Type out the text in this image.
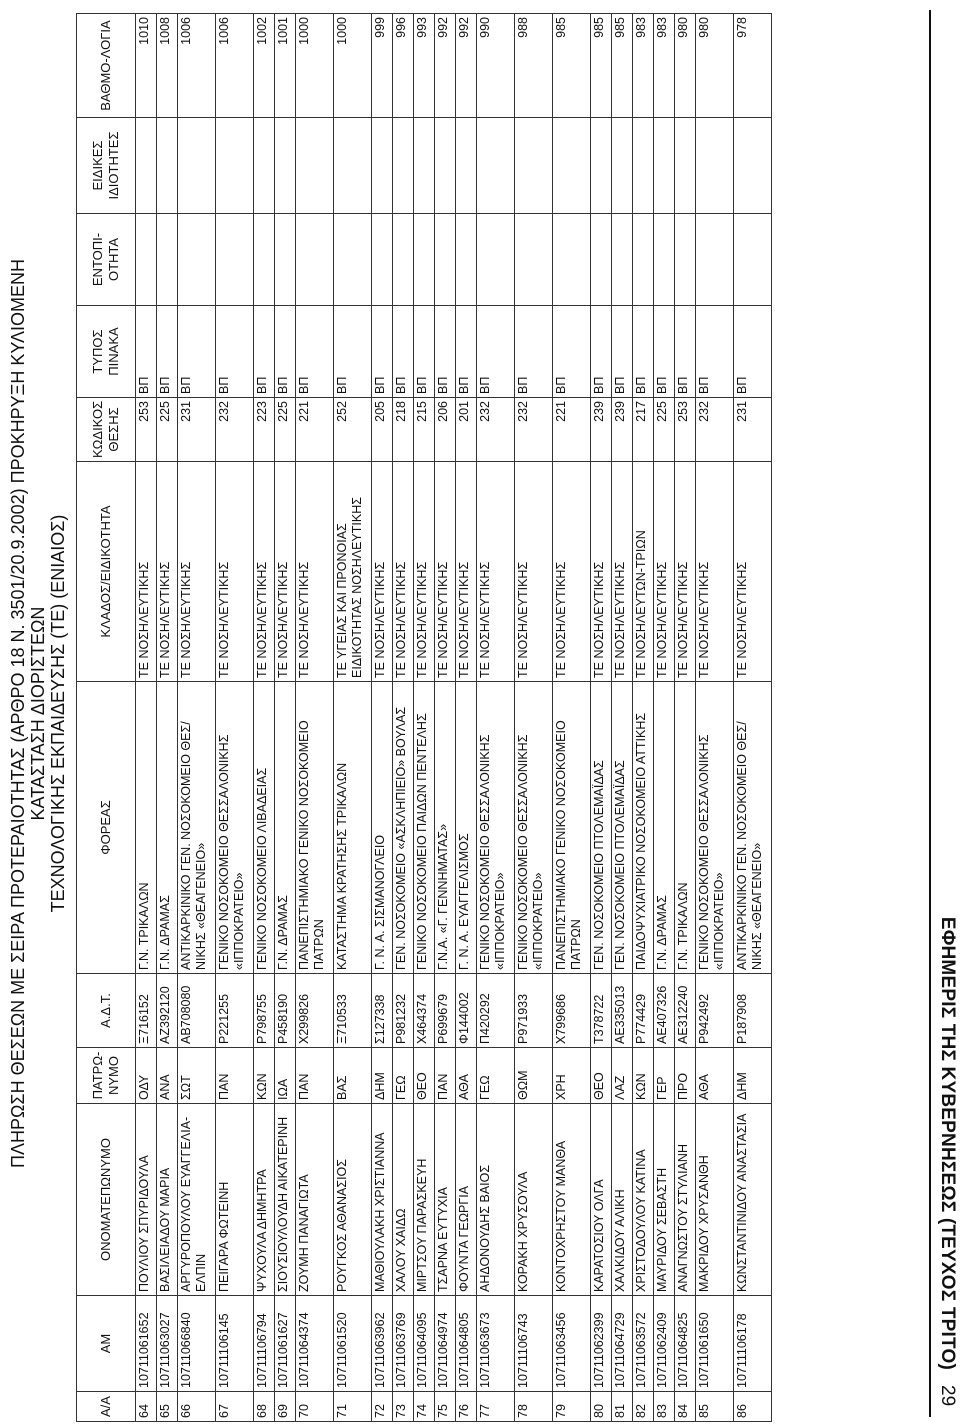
ΕΦΗΜΕΡΙΣ ΤΗΣ ΚΥΒΕΡΝΗΣΕΩΣ (ΤΕΥΧΟΣ ΤΡΙΤΟ)
29
ΠΛΗΡΩΣΗ ΘΕΣΕΩΝ ΜΕ ΣΕΙΡΑ ΠΡΟΤΕΡΑΙΟΤΗΤΑΣ (ΑΡΘΡΟ 18 Ν. 3501/20.9.2002) ΠΡΟΚΗΡΥΞΗ ΚΥΛΙΟΜΕΝΗ ΚΑΤΑΣΤΑΣΗ ΔΙΟΡΙΣΤΕΩΝ ΤΕΧΝΟΛΟΓΙΚΗΣ ΕΚΠΑΙΔΕΥΣΗΣ (ΤΕ) (ΕΝΙΑΙΟΣ)
Α/Α	ΑΜ	ΟΝΟΜΑΤΕΠΩΝΥΜΟ	ΠΑΤΡΩ-ΝΥΜΟ	Α.Δ.Τ.	ΦΟΡΕΑΣ	ΚΛΑΔΟΣ/ΕΙΔΙΚΟΤΗΤΑ	ΚΩΔΙΚΟΣ ΘΕΣΗΣ	ΤΥΠΟΣ ΠΙΝΑΚΑ	ΕΝΤΟΠΙ-ΟΤΗΤΑ	ΕΙΔΙΚΕΣ ΙΔΙΟΤΗΤΕΣ	ΒΑΘΜΟ-ΛΟΓΙΑ
64	10711061652	ΠΟΥΛΙΟΥ ΣΠΥΡΙΔΟΥΛΑ	ΟΔΥ	Ξ716152	Γ.Ν. ΤΡΙΚΑΛΩΝ	ΤΕ ΝΟΣΗΛΕΥΤΙΚΗΣ	253	ΒΠ			1010
65	10711063027	ΒΑΣΙΛΕΙΑΔΟΥ ΜΑΡΙΑ	ΑΝΑ	ΑΖ392120	Γ.Ν. ΔΡΑΜΑΣ	ΤΕ ΝΟΣΗΛΕΥΤΙΚΗΣ	225	ΒΠ			1008
66	10711066840	ΑΡΓΥΡΟΠΟΥΛΟΥ ΕΥΑΓΓΕΛΙΑ-ΕΛΠΙΝ	ΣΩΤ	ΑΒ708080	ΑΝΤΙΚΑΡΚΙΝΙΚΟ ΓΕΝ. ΝΟΣΟΚΟΜΕΙΟ ΘΕΣ/ΝΙΚΗΣ «ΘΕΑΓΕΝΕΙΟ»	ΤΕ ΝΟΣΗΛΕΥΤΙΚΗΣ	231	ΒΠ			1006
67	10711106145	ΠΕΙΓΑΡΑ ΦΩΤΕΙΝΗ	ΠΑΝ	Ρ221255	ΓΕΝΙΚΟ ΝΟΣΟΚΟΜΕΙΟ ΘΕΣΣΑΛΟΝΙΚΗΣ «ΙΠΠΟΚΡΑΤΕΙΟ»	ΤΕ ΝΟΣΗΛΕΥΤΙΚΗΣ	232	ΒΠ			1006
68	10711106794	ΨΥΧΟΥΛΑ ΔΗΜΗΤΡΑ	ΚΩΝ	Ρ798755	ΓΕΝΙΚΟ ΝΟΣΟΚΟΜΕΙΟ ΛΙΒΑΔΕΙΑΣ	ΤΕ ΝΟΣΗΛΕΥΤΙΚΗΣ	223	ΒΠ			1002
69	10711061627	ΣΙΟΥΣΙΟΥΛΟΥΔΗ ΑΙΚΑΤΕΡΙΝΗ	ΙΩΑ	Ρ458190	Γ.Ν. ΔΡΑΜΑΣ	ΤΕ ΝΟΣΗΛΕΥΤΙΚΗΣ	225	ΒΠ			1001
70	10711064374	ΖΟΥΜΗ ΠΑΝΑΓΙΩΤΑ	ΠΑΝ	Χ299826	ΠΑΝΕΠΙΣΤΗΜΙΑΚΟ ΓΕΝΙΚΟ ΝΟΣΟΚΟΜΕΙΟ ΠΑΤΡΩΝ	ΤΕ ΝΟΣΗΛΕΥΤΙΚΗΣ	221	ΒΠ			1000
71	10711061520	ΡΟΥΓΚΟΣ ΑΘΑΝΑΣΙΟΣ	ΒΑΣ	Ξ710533	ΚΑΤΑΣΤΗΜΑ ΚΡΑΤΗΣΗΣ ΤΡΙΚΑΛΩΝ	ΤΕ ΥΓΕΙΑΣ ΚΑΙ ΠΡΟΝΟΙΑΣ ΕΙΔΙΚΟΤΗΤΑΣ ΝΟΣΗΛΕΥΤΙΚΗΣ	252	ΒΠ			1000
72	10711063962	ΜΑΘΙΟΥΛΑΚΗ ΧΡΙΣΤΙΑΝΝΑ	ΔΗΜ	Σ127338	Γ. Ν. Α. ΣΙΣΜΑΝΟΓΛΕΙΟ	ΤΕ ΝΟΣΗΛΕΥΤΙΚΗΣ	205	ΒΠ			999
73	10711063769	ΧΑΛΟΥ ΧΑΙΔΩ	ΓΕΩ	Ρ981232	ΓΕΝ. ΝΟΣΟΚΟΜΕΙΟ «ΑΣΚΛΗΠΙΕΙΟ» ΒΟΥΛΑΣ	ΤΕ ΝΟΣΗΛΕΥΤΙΚΗΣ	218	ΒΠ			996
74	10711064095	ΜΙΡΤΣΟΥ ΠΑΡΑΣΚΕΥΗ	ΘΕΟ	Χ464374	ΓΕΝΙΚΟ ΝΟΣΟΚΟΜΕΙΟ ΠΑΙΔΩΝ ΠΕΝΤΕΛΗΣ	ΤΕ ΝΟΣΗΛΕΥΤΙΚΗΣ	215	ΒΠ			993
75	10711064974	ΤΣΑΡΝΑ ΕΥΤΥΧΙΑ	ΠΑΝ	Ρ699679	Γ.Ν.Α. «Γ. ΓΕΝΝΗΜΑΤΑΣ»	ΤΕ ΝΟΣΗΛΕΥΤΙΚΗΣ	206	ΒΠ			992
76	10711064805	ΦΟΥΝΤΑ ΓΕΩΡΓΙΑ	ΑΘΑ	Φ144002	Γ. Ν. Α. ΕΥΑΓΓΕΛΙΣΜΟΣ	ΤΕ ΝΟΣΗΛΕΥΤΙΚΗΣ	201	ΒΠ			992
77	10711063673	ΑΗΔΟΝΟΥΔΗΣ ΒΑΙΟΣ	ΓΕΩ	Π420292	ΓΕΝΙΚΟ ΝΟΣΟΚΟΜΕΙΟ ΘΕΣΣΑΛΟΝΙΚΗΣ «ΙΠΠΟΚΡΑΤΕΙΟ»	ΤΕ ΝΟΣΗΛΕΥΤΙΚΗΣ	232	ΒΠ			990
78	10711106743	ΚΟΡΑΚΗ ΧΡΥΣΟΥΛΑ	ΘΩΜ	Ρ971933	ΓΕΝΙΚΟ ΝΟΣΟΚΟΜΕΙΟ ΘΕΣΣΑΛΟΝΙΚΗΣ «ΙΠΠΟΚΡΑΤΕΙΟ»	ΤΕ ΝΟΣΗΛΕΥΤΙΚΗΣ	232	ΒΠ			988
79	10711063456	ΚΟΝΤΟΧΡΗΣΤΟΥ ΜΑΝΘΑ	ΧΡΗ	Χ799686	ΠΑΝΕΠΙΣΤΗΜΙΑΚΟ ΓΕΝΙΚΟ ΝΟΣΟΚΟΜΕΙΟ ΠΑΤΡΩΝ	ΤΕ ΝΟΣΗΛΕΥΤΙΚΗΣ	221	ΒΠ			985
80	10711062399	ΚΑΡΑΤΟΣΙΟΥ ΟΛΓΑ	ΘΕΟ	Τ378722	ΓΕΝ. ΝΟΣΟΚΟΜΕΙΟ ΠΤΟΛΕΜΑΪΔΑΣ	ΤΕ ΝΟΣΗΛΕΥΤΙΚΗΣ	239	ΒΠ			985
81	10711064729	ΧΑΛΚΙΔΟΥ ΑΛΙΚΗ	ΛΑΖ	ΑΕ335013	ΓΕΝ. ΝΟΣΟΚΟΜΕΙΟ ΠΤΟΛΕΜΑΪΔΑΣ	ΤΕ ΝΟΣΗΛΕΥΤΙΚΗΣ	239	ΒΠ			985
82	10711063572	ΧΡΙΣΤΟΔΟΥΛΟΥ ΚΑΤΙΝΑ	ΚΩΝ	Ρ774429	ΠΑΙΔΟΨΥΧΙΑΤΡΙΚΟ ΝΟΣΟΚΟΜΕΙΟ ΑΤΤΙΚΗΣ	ΤΕ ΝΟΣΗΛΕΥΤΩΝ-ΤΡΙΩΝ	217	ΒΠ			983
83	10711062409	ΜΑΥΡΙΔΟΥ ΣΕΒΑΣΤΗ	ΓΕΡ	ΑΕ407326	Γ.Ν. ΔΡΑΜΑΣ	ΤΕ ΝΟΣΗΛΕΥΤΙΚΗΣ	225	ΒΠ			983
84	10711064825	ΑΝΑΓΝΩΣΤΟΥ ΣΤΥΛΙΑΝΗ	ΠΡΟ	ΑΕ312240	Γ.Ν. ΤΡΙΚΑΛΩΝ	ΤΕ ΝΟΣΗΛΕΥΤΙΚΗΣ	253	ΒΠ			980
85	10711061650	ΜΑΚΡΙΔΟΥ ΧΡΥΣΑΝΘΗ	ΑΘΑ	Ρ942492	ΓΕΝΙΚΟ ΝΟΣΟΚΟΜΕΙΟ ΘΕΣΣΑΛΟΝΙΚΗΣ «ΙΠΠΟΚΡΑΤΕΙΟ»	ΤΕ ΝΟΣΗΛΕΥΤΙΚΗΣ	232	ΒΠ			980
86	10711106178	ΚΩΝΣΤΑΝΤΙΝΙΔΟΥ ΑΝΑΣΤΑΣΙΑ	ΔΗΜ	Ρ187908	ΑΝΤΙΚΑΡΚΙΝΙΚΟ ΓΕΝ. ΝΟΣΟΚΟΜΕΙΟ ΘΕΣ/ΝΙΚΗΣ «ΘΕΑΓΕΝΕΙΟ»	ΤΕ ΝΟΣΗΛΕΥΤΙΚΗΣ	231	ΒΠ			978
